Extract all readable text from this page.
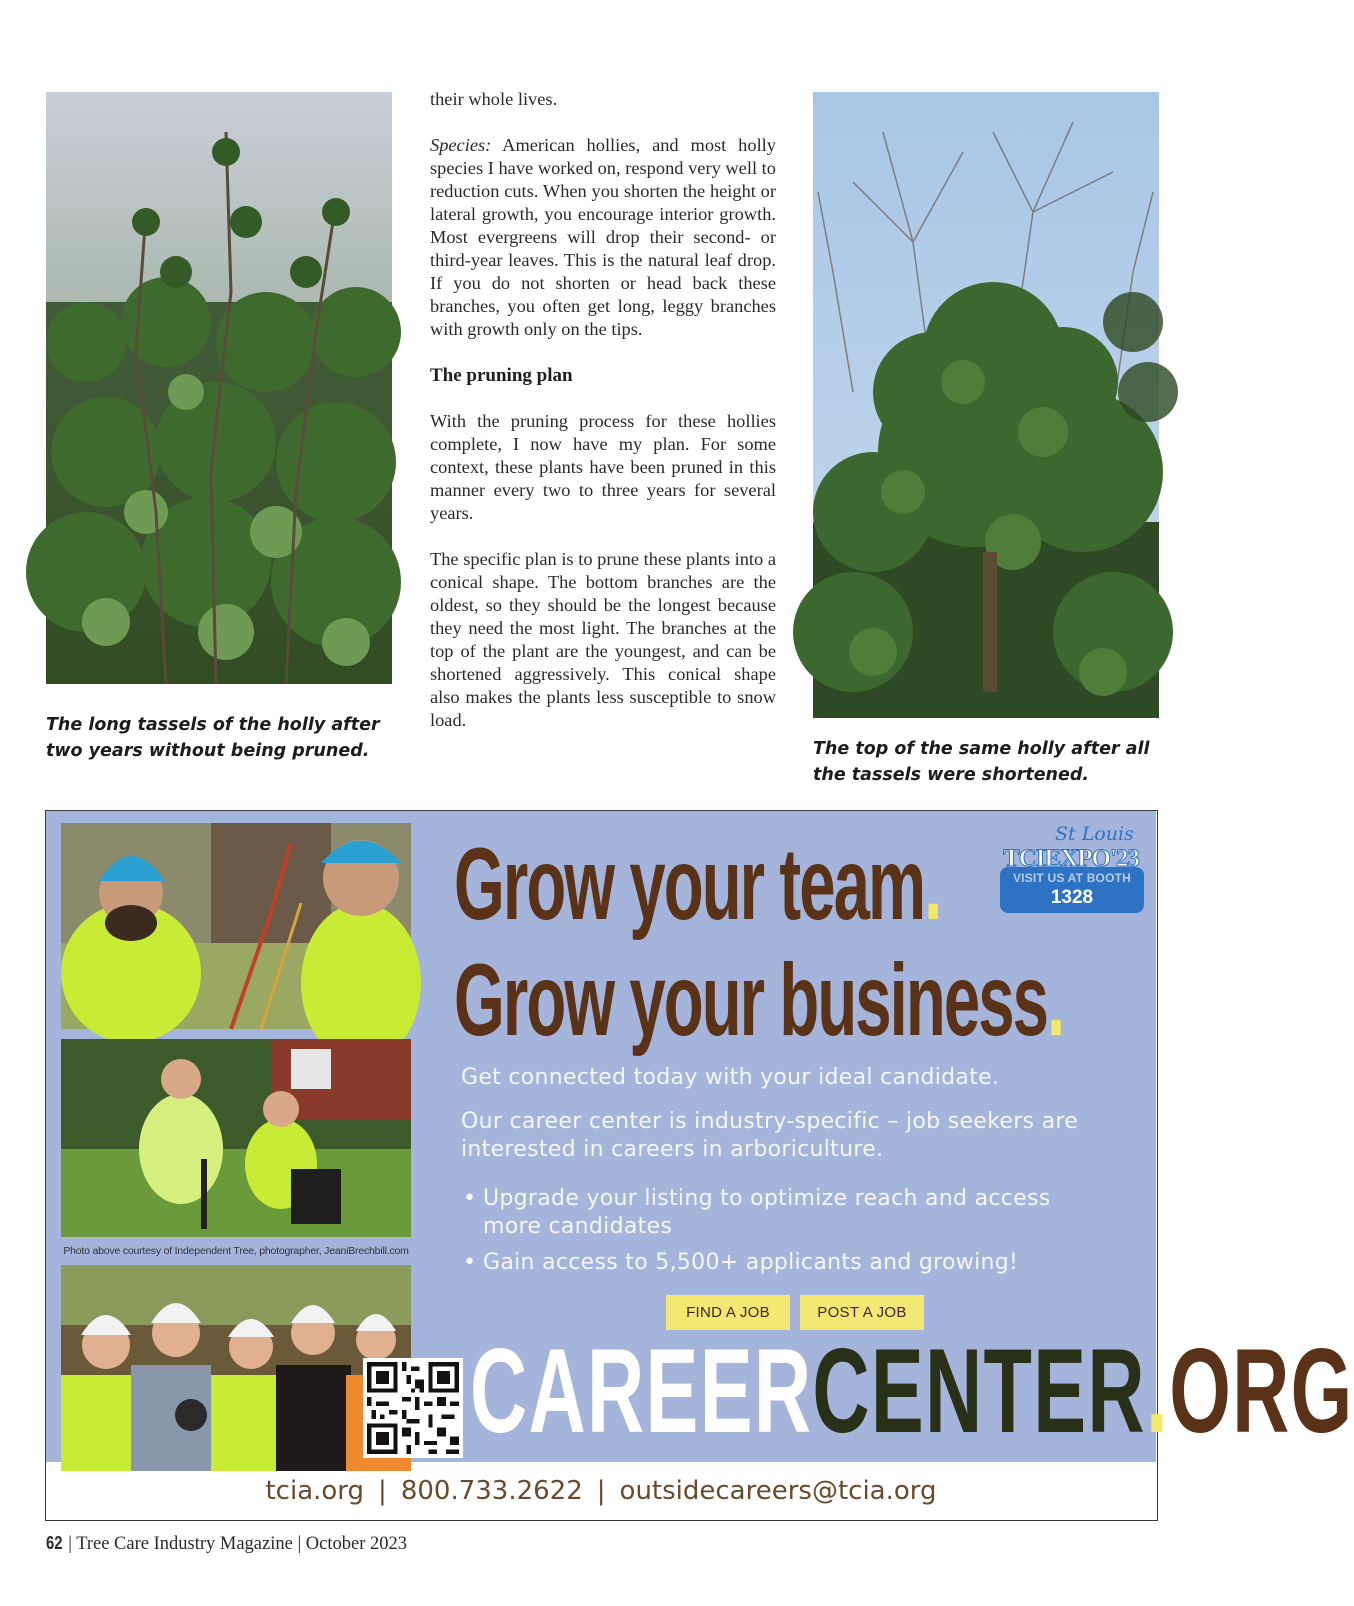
The long tassels of the holly after two years without being pruned.

their whole lives.

Species: American hollies, and most holly species I have worked on, respond very well to reduction cuts. When you shorten the height or lateral growth, you encourage interior growth. Most evergreens will drop their second- or third-year leaves. This is the natural leaf drop. If you do not shorten or head back these branches, you often get long, leggy branches with growth only on the tips.

The pruning plan

With the pruning process for these hollies complete, I now have my plan. For some context, these plants have been pruned in this manner every two to three years for several years.

The specific plan is to prune these plants into a conical shape. The bottom branches are the oldest, so they should be the longest because they need the most light. The branches at the top of the plant are the youngest, and can be shortened aggressively. This conical shape also makes the plants less susceptible to snow load.

The top of the same holly after all the tassels were shortened.
Photo above courtesy of Independent Tree, photographer, JeaniBrechbill.com
Grow your team.
Grow your business.
St Louis
TCIEXPO'23
VISIT US AT BOOTH
1328
Get connected today with your ideal candidate.
Our career center is industry-specific – job seekers are interested in careers in arboriculture.
• Upgrade your listing to optimize reach and access more candidates
• Gain access to 5,500+ applicants and growing!
FIND A JOB	POST A JOB
CAREERCENTER.ORG
tcia.org | 800.733.2622 | outsidecareers@tcia.org
62 | Tree Care Industry Magazine | October 2023
